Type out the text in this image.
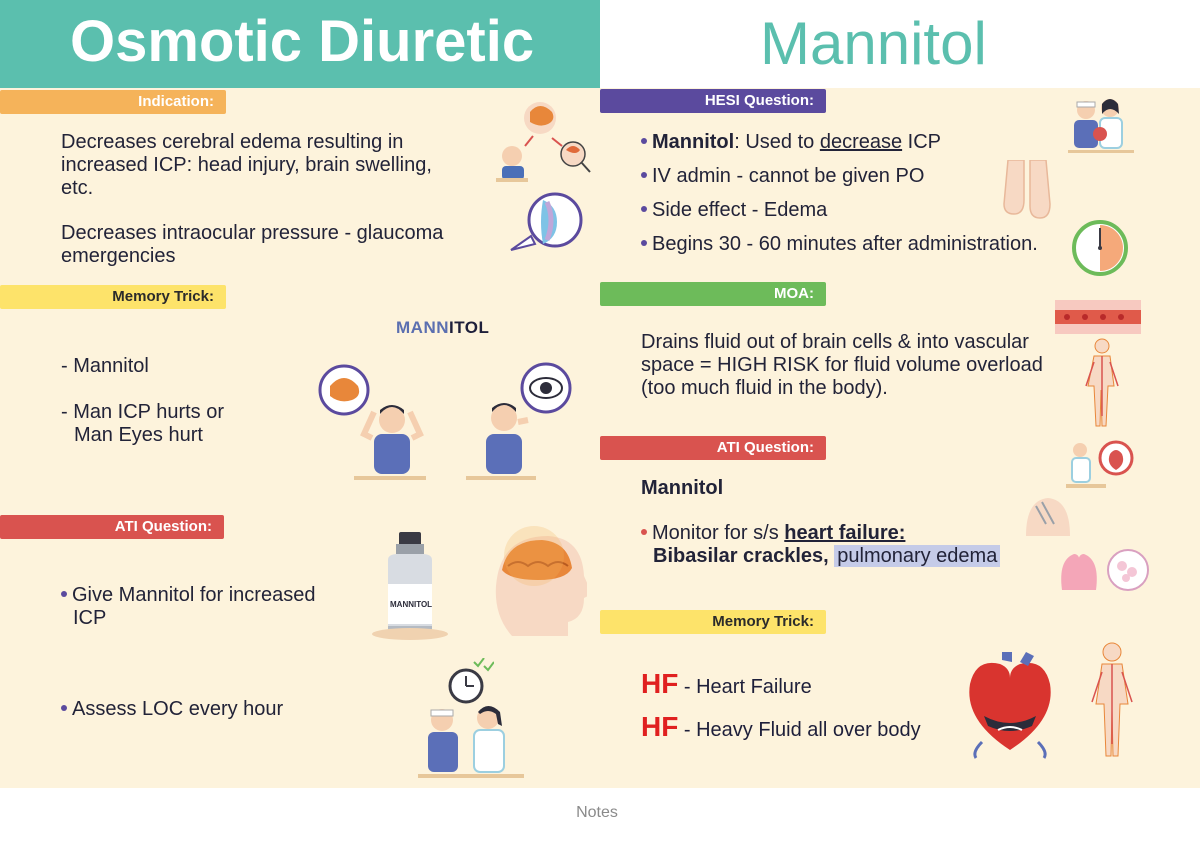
Osmotic Diuretic	Mannitol
Indication:
Decreases cerebral edema resulting in
increased ICP: head injury, brain swelling,
etc.
Decreases intraocular pressure - glaucoma
emergencies
Memory Trick:
MANNITOL
- Mannitol
- Man ICP hurts or
Man Eyes hurt
ATI Question:
Give Mannitol for increased
ICP
Assess LOC every hour
MANNITOL
HESI Question:
Mannitol: Used to decrease ICP
IV admin - cannot be given PO
Side effect - Edema
Begins 30 - 60 minutes after administration.
MOA:
Drains fluid out of brain cells & into vascular
space = HIGH RISK for fluid volume overload
(too much fluid in the body).
ATI Question:
Mannitol
Monitor for s/s heart failure:
Bibasilar crackles, pulmonary edema
Memory Trick:
HF - Heart Failure
HF - Heavy Fluid all over body
Notes
